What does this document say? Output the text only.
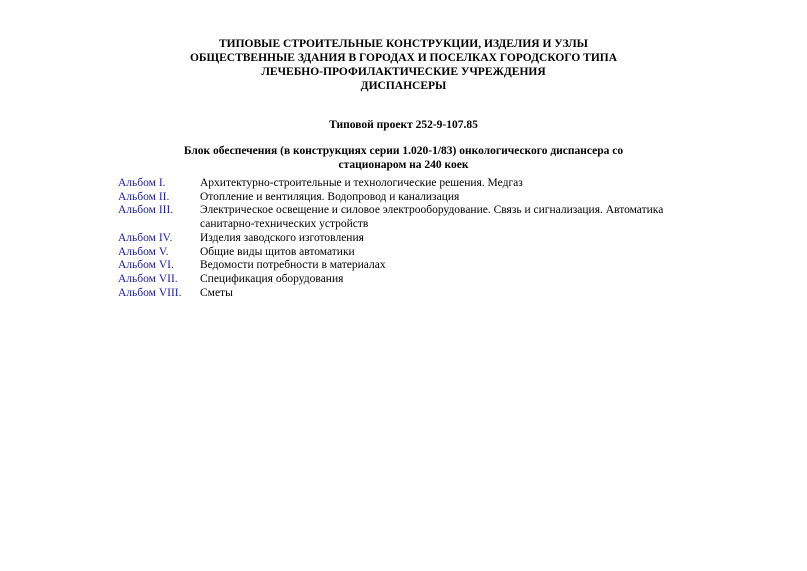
ТИПОВЫЕ СТРОИТЕЛЬНЫЕ КОНСТРУКЦИИ, ИЗДЕЛИЯ И УЗЛЫ
ОБЩЕСТВЕННЫЕ ЗДАНИЯ В ГОРОДАХ И ПОСЕЛКАХ ГОРОДСКОГО ТИПА
ЛЕЧЕБНО-ПРОФИЛАКТИЧЕСКИЕ УЧРЕЖДЕНИЯ
ДИСПАНСЕРЫ
Типовой проект 252-9-107.85
Блок обеспечения (в конструкциях серии 1.020-1/83) онкологического диспансера со
стационаром на 240 коек
Альбом I.	Архитектурно-строительные и технологические решения. Медгаз
Альбом II.	Отопление и вентиляция. Водопровод и канализация
Альбом III.	Электрическое освещение и силовое электрооборудование. Связь и сигнализация. Автоматика санитарно-технических устройств
Альбом IV.	Изделия заводского изготовления
Альбом V.	Общие виды щитов автоматики
Альбом VI.	Ведомости потребности в материалах
Альбом VII.	Спецификация оборудования
Альбом VIII.	Сметы
